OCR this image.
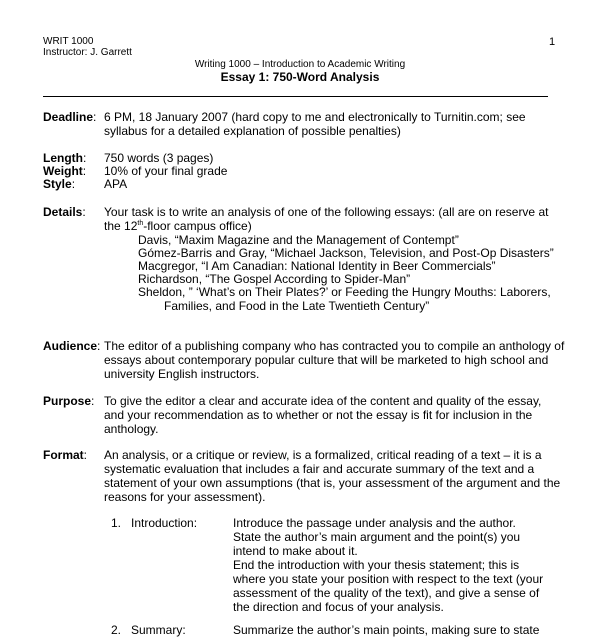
WRIT 1000
Instructor: J. Garrett
1
Writing 1000 – Introduction to Academic Writing
Essay 1: 750-Word Analysis
Deadline: 6 PM, 18 January 2007 (hard copy to me and electronically to Turnitin.com; see
syllabus for a detailed explanation of possible penalties)
Length: 750 words (3 pages)
Weight: 10% of your final grade
Style: APA
Details: Your task is to write an analysis of one of the following essays: (all are on reserve at
the 12th-floor campus office)
Davis, “Maxim Magazine and the Management of Contempt”
Gómez-Barris and Gray, “Michael Jackson, Television, and Post-Op Disasters”
Macgregor, “I Am Canadian: National Identity in Beer Commercials”
Richardson, “The Gospel According to Spider-Man”
Sheldon, ” ‘What’s on Their Plates?’ or Feeding the Hungry Mouths: Laborers,
Families, and Food in the Late Twentieth Century”
Audience: The editor of a publishing company who has contracted you to compile an anthology of
essays about contemporary popular culture that will be marketed to high school and
university English instructors.
Purpose: To give the editor a clear and accurate idea of the content and quality of the essay,
and your recommendation as to whether or not the essay is fit for inclusion in the
anthology.
Format: An analysis, or a critique or review, is a formalized, critical reading of a text – it is a
systematic evaluation that includes a fair and accurate summary of the text and a
statement of your own assumptions (that is, your assessment of the argument and the
reasons for your assessment).
1. Introduction:	Introduce the passage under analysis and the author.
State the author’s main argument and the point(s) you
intend to make about it.
End the introduction with your thesis statement; this is
where you state your position with respect to the text (your
assessment of the quality of the text), and give a sense of
the direction and focus of your analysis.
2. Summary:	Summarize the author’s main points, making sure to state
